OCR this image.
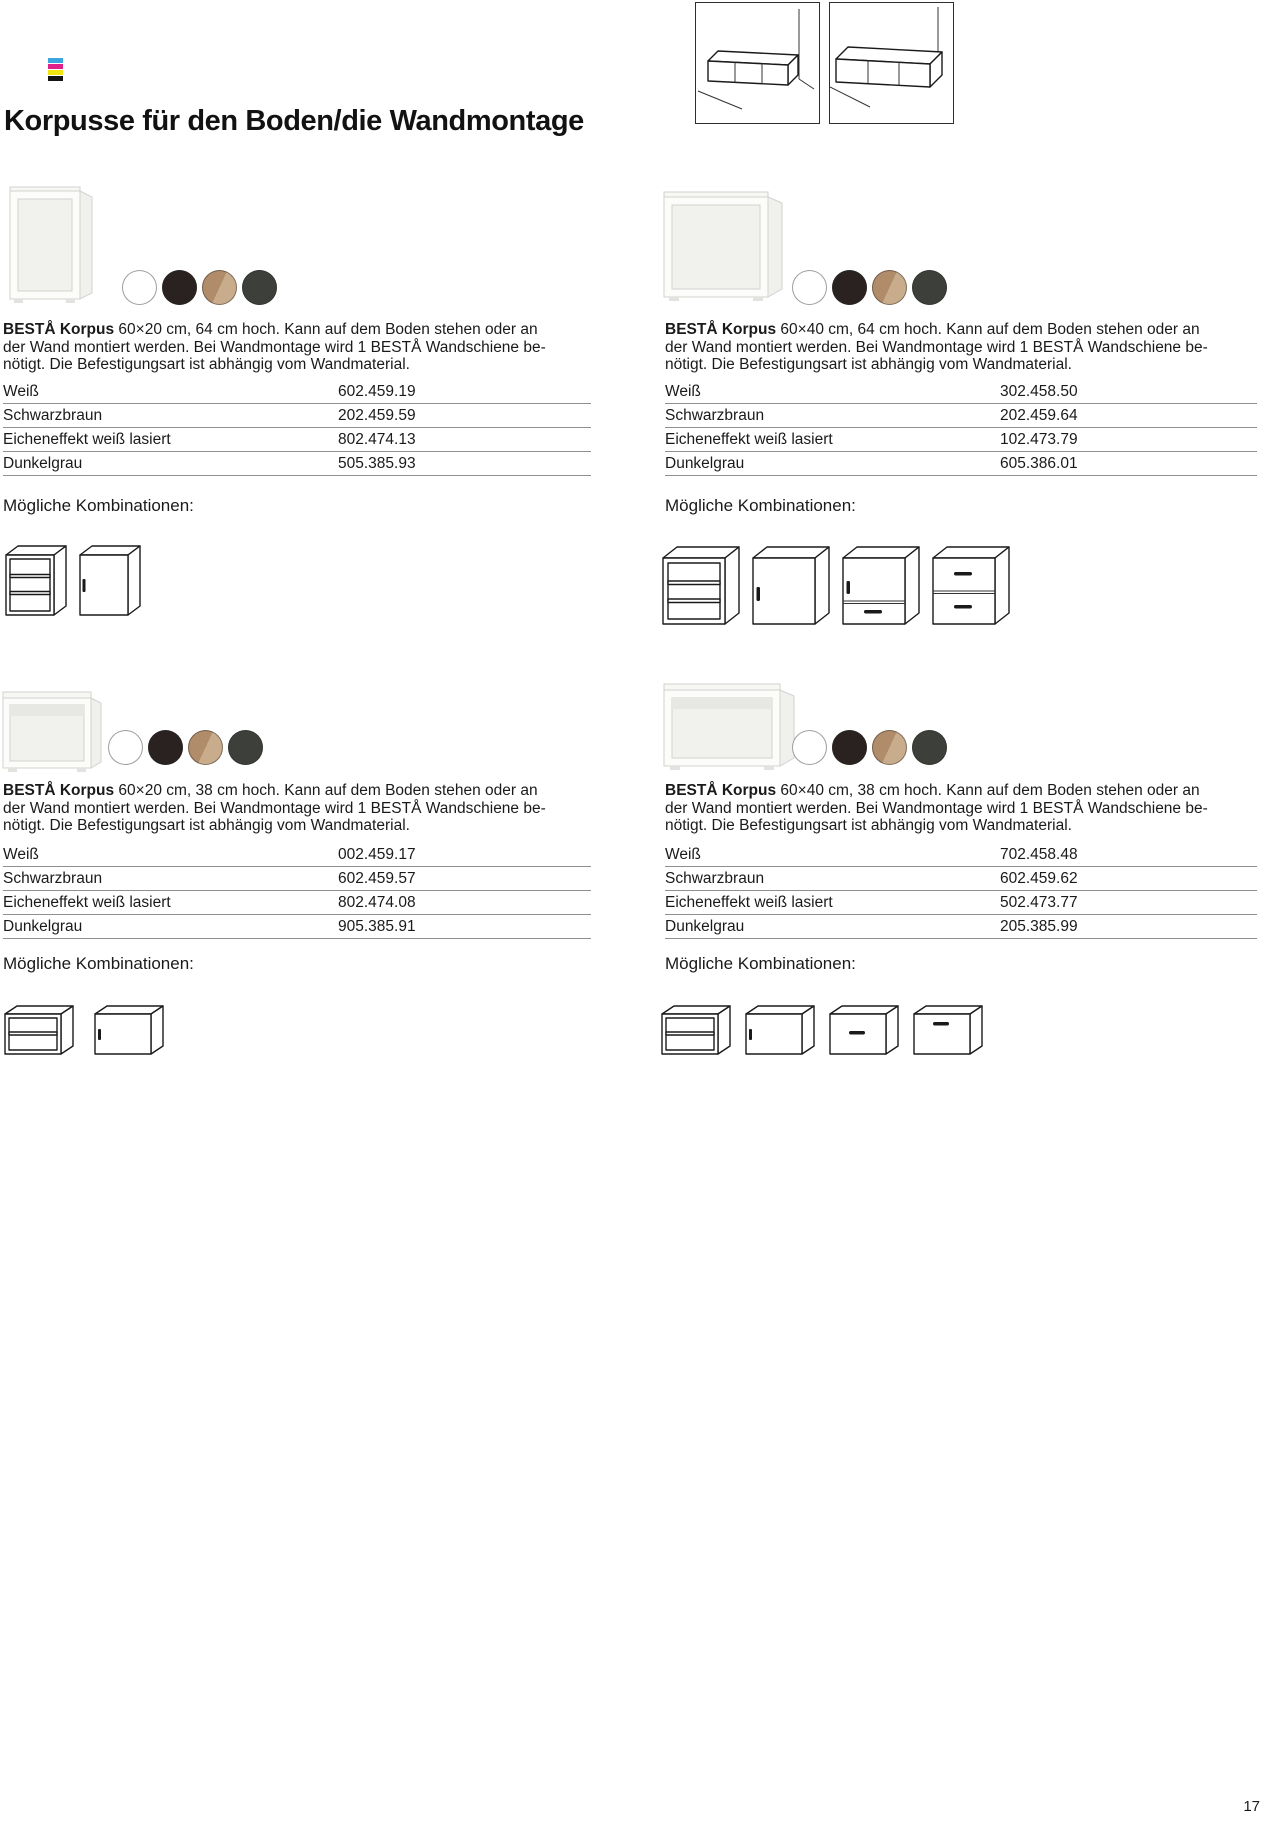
Korpusse für den Boden/die Wandmontage
BESTÅ Korpus 60×20 cm, 64 cm hoch. Kann auf dem Boden stehen oder an
der Wand montiert werden. Bei Wandmontage wird 1 BESTÅ Wandschiene be-
nötigt. Die Befestigungsart ist abhängig vom Wandmaterial.
Weiß	602.459.19
Schwarzbraun	202.459.59
Eicheneffekt weiß lasiert	802.474.13
Dunkelgrau	505.385.93
Mögliche Kombinationen:
BESTÅ Korpus 60×40 cm, 64 cm hoch. Kann auf dem Boden stehen oder an
der Wand montiert werden. Bei Wandmontage wird 1 BESTÅ Wandschiene be-
nötigt. Die Befestigungsart ist abhängig vom Wandmaterial.
Weiß	302.458.50
Schwarzbraun	202.459.64
Eicheneffekt weiß lasiert	102.473.79
Dunkelgrau	605.386.01
Mögliche Kombinationen:
BESTÅ Korpus 60×20 cm, 38 cm hoch. Kann auf dem Boden stehen oder an
der Wand montiert werden. Bei Wandmontage wird 1 BESTÅ Wandschiene be-
nötigt. Die Befestigungsart ist abhängig vom Wandmaterial.
Weiß	002.459.17
Schwarzbraun	602.459.57
Eicheneffekt weiß lasiert	802.474.08
Dunkelgrau	905.385.91
Mögliche Kombinationen:
BESTÅ Korpus 60×40 cm, 38 cm hoch. Kann auf dem Boden stehen oder an
der Wand montiert werden. Bei Wandmontage wird 1 BESTÅ Wandschiene be-
nötigt. Die Befestigungsart ist abhängig vom Wandmaterial.
Weiß	702.458.48
Schwarzbraun	602.459.62
Eicheneffekt weiß lasiert	502.473.77
Dunkelgrau	205.385.99
Mögliche Kombinationen:
17
